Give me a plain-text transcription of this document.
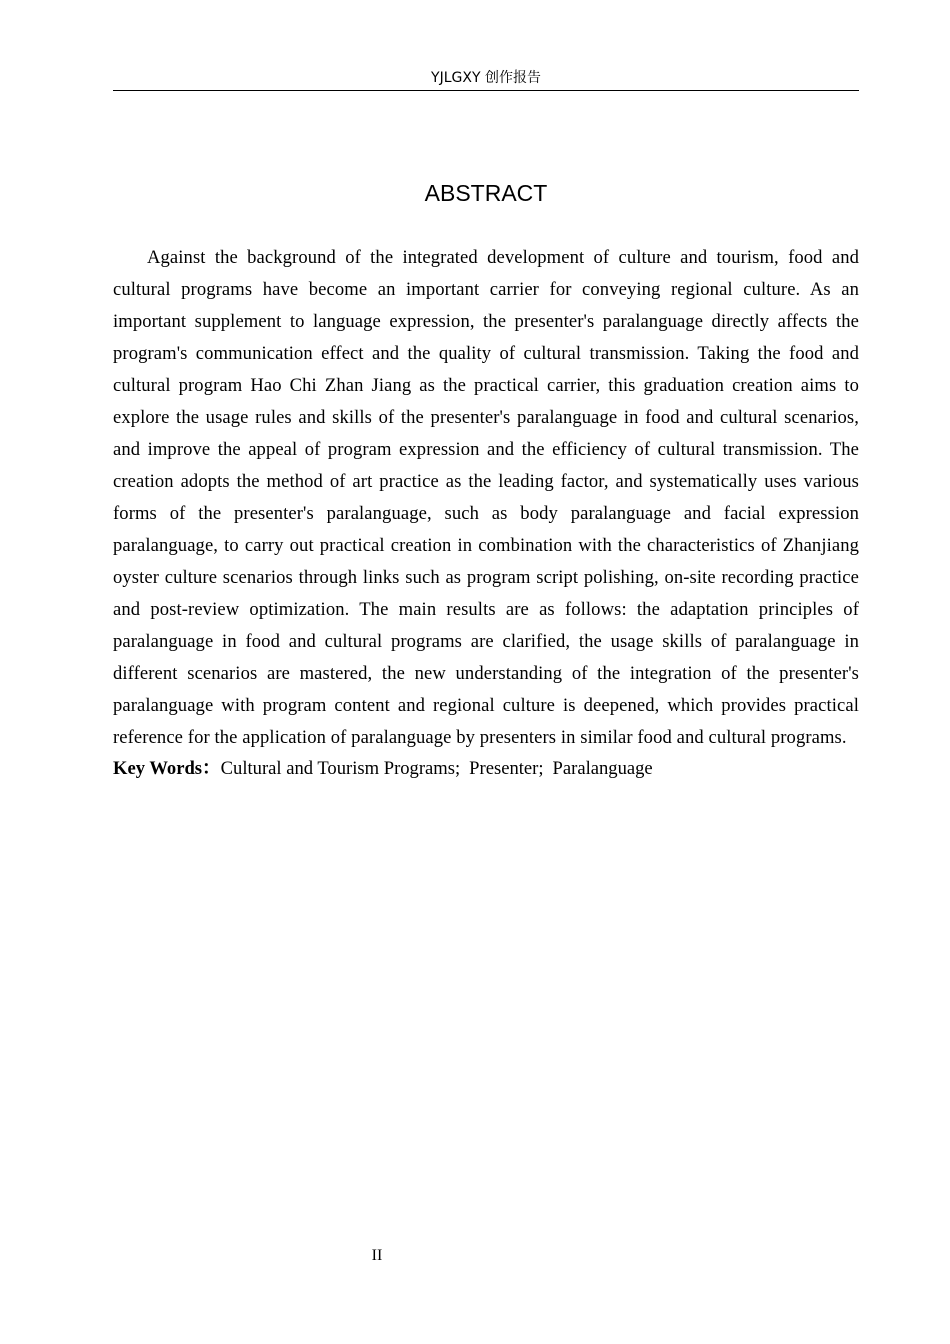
YJLGXY 创作报告
ABSTRACT

Against the background of the integrated development of culture and tourism, food and cultural programs have become an important carrier for conveying regional culture. As an important supplement to language expression, the presenter's paralanguage directly affects the program's communication effect and the quality of cultural transmission. Taking the food and cultural program Hao Chi Zhan Jiang as the practical carrier, this graduation creation aims to explore the usage rules and skills of the presenter's paralanguage in food and cultural scenarios, and improve the appeal of program expression and the efficiency of cultural transmission. The creation adopts the method of art practice as the leading factor, and systematically uses various forms of the presenter's paralanguage, such as body paralanguage and facial expression paralanguage, to carry out practical creation in combination with the characteristics of Zhanjiang oyster culture scenarios through links such as program script polishing, on-site recording practice and post-review optimization. The main results are as follows: the adaptation principles of paralanguage in food and cultural programs are clarified, the usage skills of paralanguage in different scenarios are mastered, the new understanding of the integration of the presenter's paralanguage with program content and regional culture is deepened, which provides practical reference for the application of paralanguage by presenters in similar food and cultural programs.

Key Words：Cultural and Tourism Programs; Presenter; Paralanguage

II
